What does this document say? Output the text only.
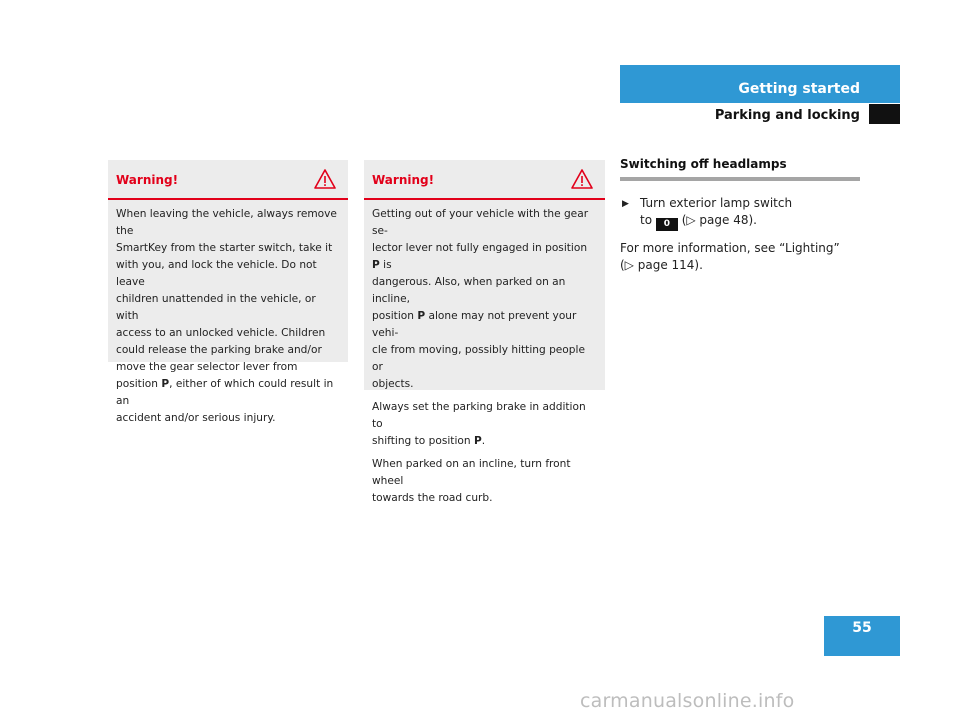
Getting started
Parking and locking
Warning!
When leaving the vehicle, always remove the
SmartKey from the starter switch, take it
with you, and lock the vehicle. Do not leave
children unattended in the vehicle, or with
access to an unlocked vehicle. Children
could release the parking brake and/or
move the gear selector lever from
position P, either of which could result in an
accident and/or serious injury.
Warning!

Getting out of your vehicle with the gear se-
lector lever not fully engaged in position P is
dangerous. Also, when parked on an incline,
position P alone may not prevent your vehi-
cle from moving, possibly hitting people or
objects.

Always set the parking brake in addition to
shifting to position P.

When parked on an incline, turn front wheel
towards the road curb.

Switching off headlamps
▶ Turn exterior lamp switch
to 0 (▷ page 48).
For more information, see “Lighting”
(▷ page 114).
55
carmanualsonline.info
